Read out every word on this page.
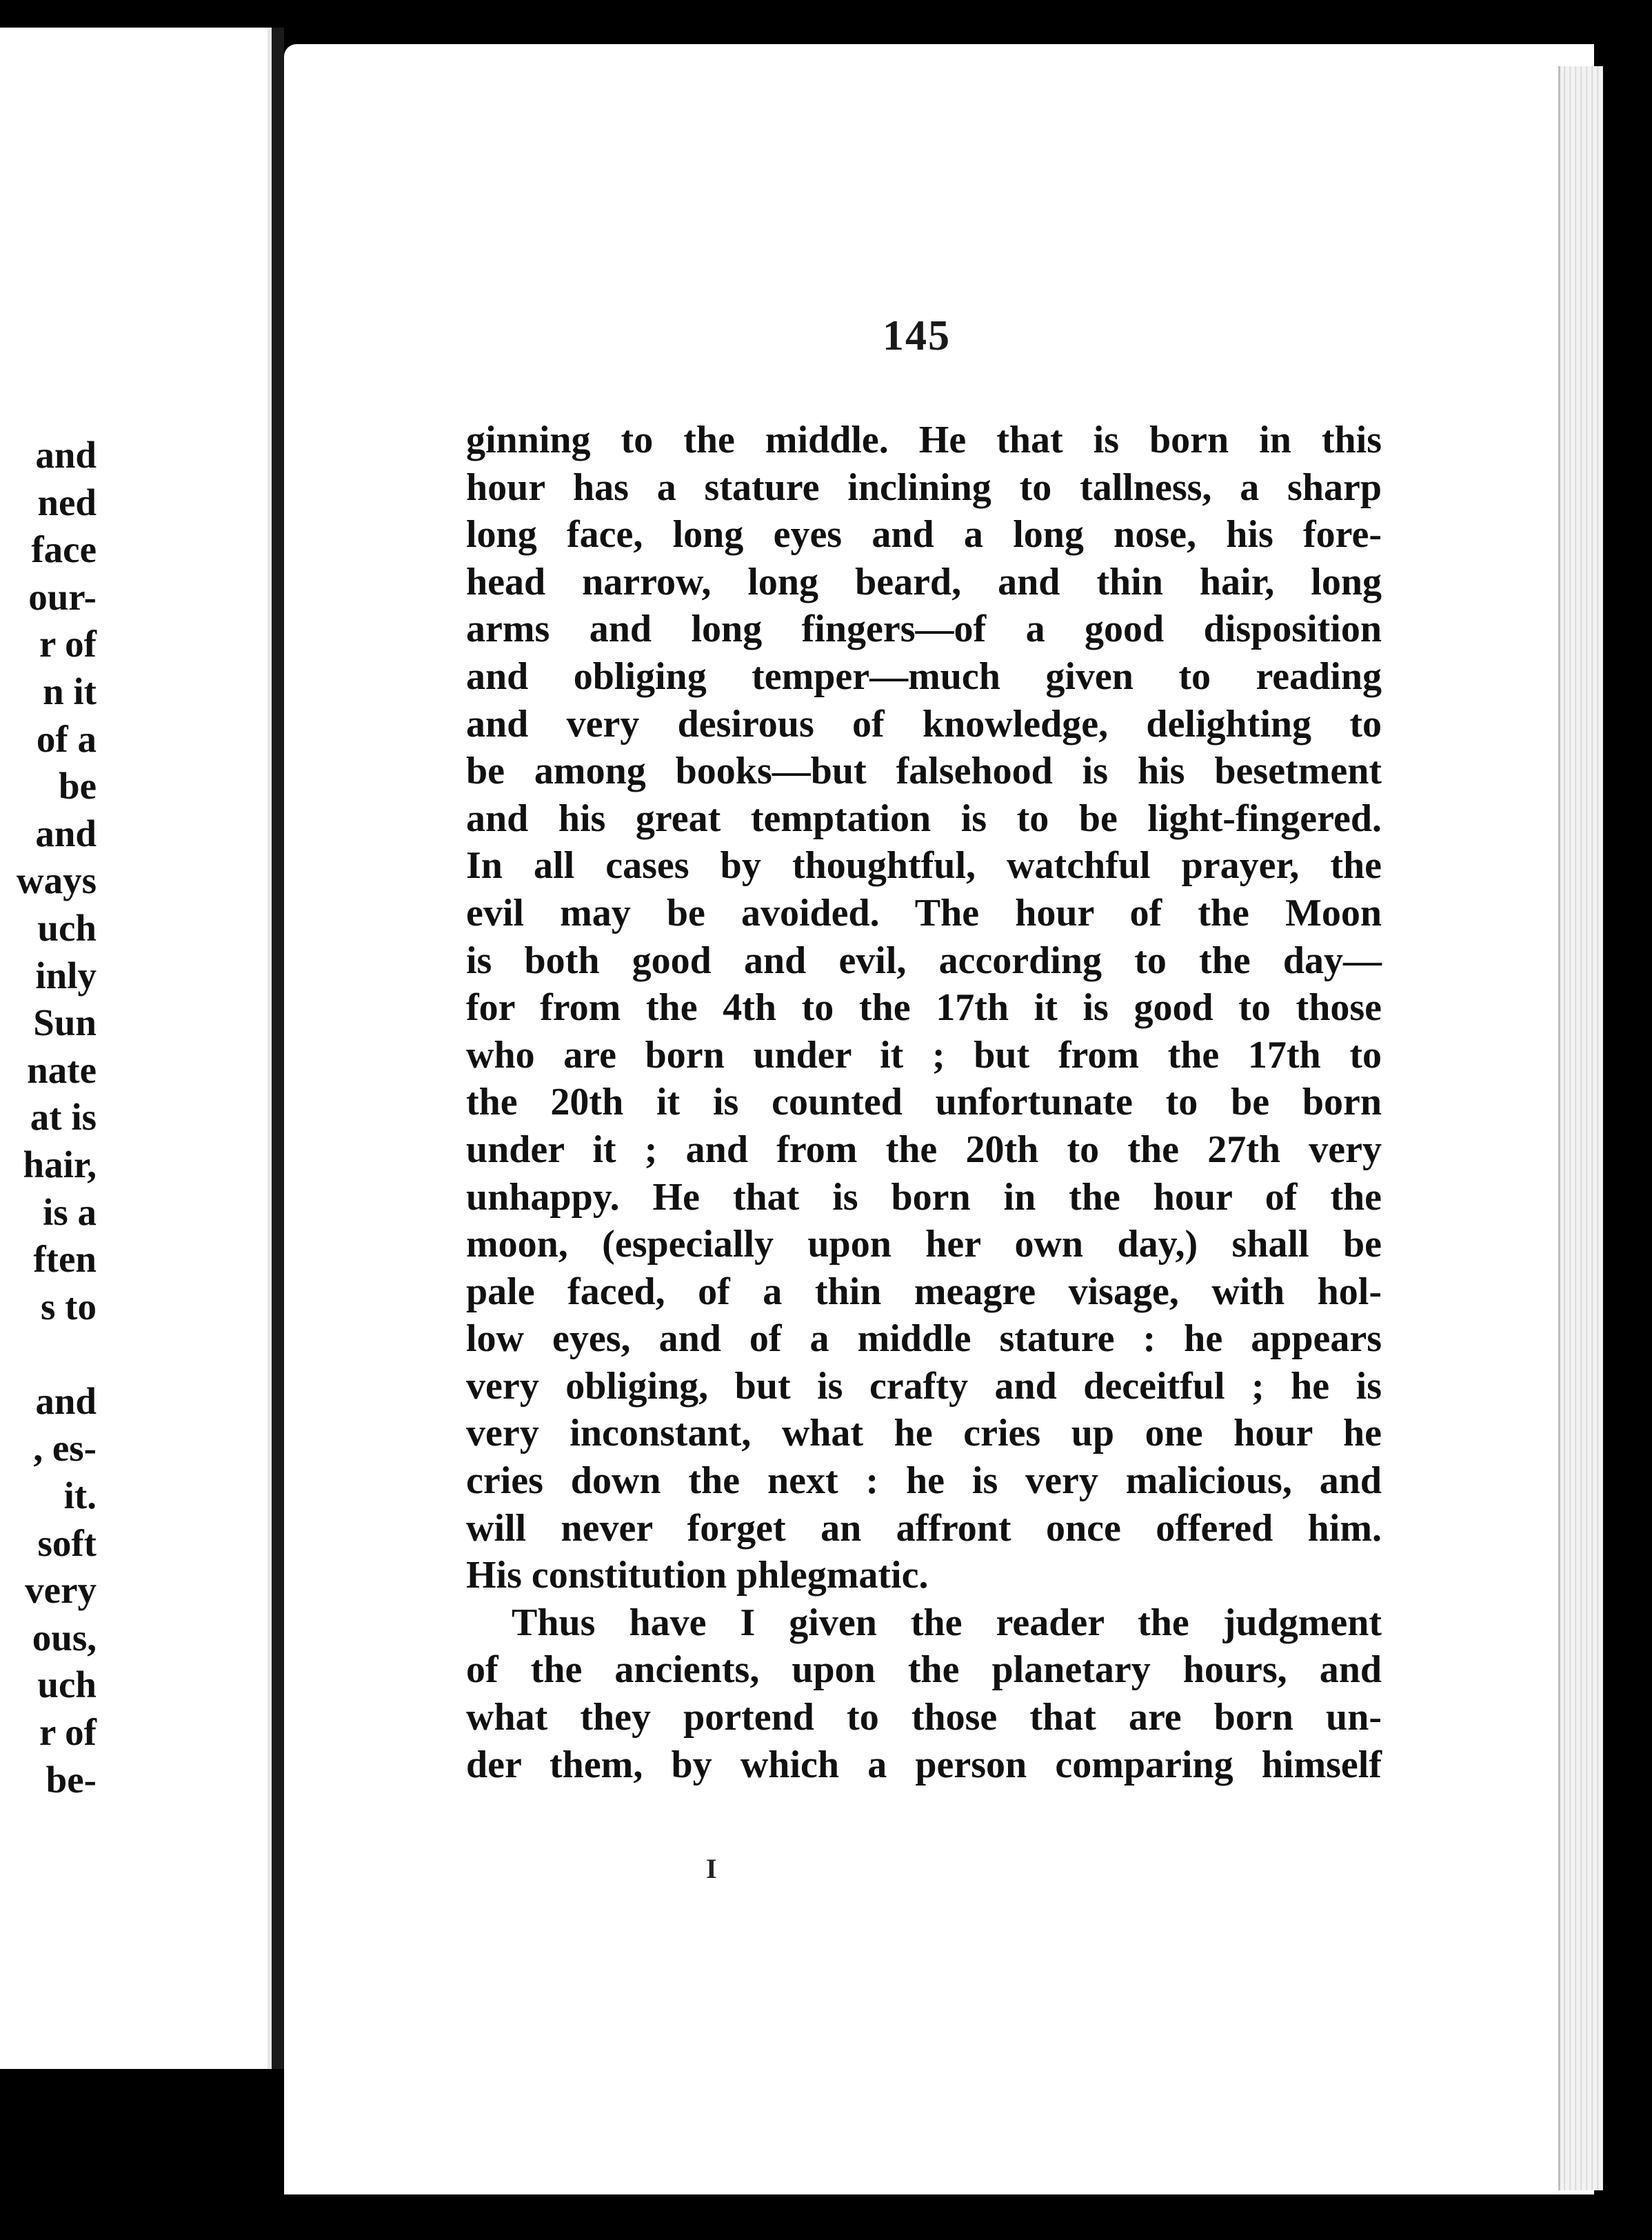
and
ned
face
our-
r of
n it
of a
be
and
ways
uch
inly
Sun
nate
at is
hair,
is a
ften
s to
and
, es-
it.
soft
very
ous,
uch
r of
be-
145
ginning to the middle. He that is born in this
hour has a stature inclining to tallness, a sharp
long face, long eyes and a long nose, his fore-
head narrow, long beard, and thin hair, long
arms and long fingers—of a good disposition
and obliging temper—much given to reading
and very desirous of knowledge, delighting to
be among books—but falsehood is his besetment
and his great temptation is to be light-fingered.
In all cases by thoughtful, watchful prayer, the
evil may be avoided. The hour of the Moon
is both good and evil, according to the day—
for from the 4th to the 17th it is good to those
who are born under it ; but from the 17th to
the 20th it is counted unfortunate to be born
under it ; and from the 20th to the 27th very
unhappy. He that is born in the hour of the
moon, (especially upon her own day,) shall be
pale faced, of a thin meagre visage, with hol-
low eyes, and of a middle stature : he appears
very obliging, but is crafty and deceitful ; he is
very inconstant, what he cries up one hour he
cries down the next : he is very malicious, and
will never forget an affront once offered him.
His constitution phlegmatic.
Thus have I given the reader the judgment
of the ancients, upon the planetary hours, and
what they portend to those that are born un-
der them, by which a person comparing himself
I
